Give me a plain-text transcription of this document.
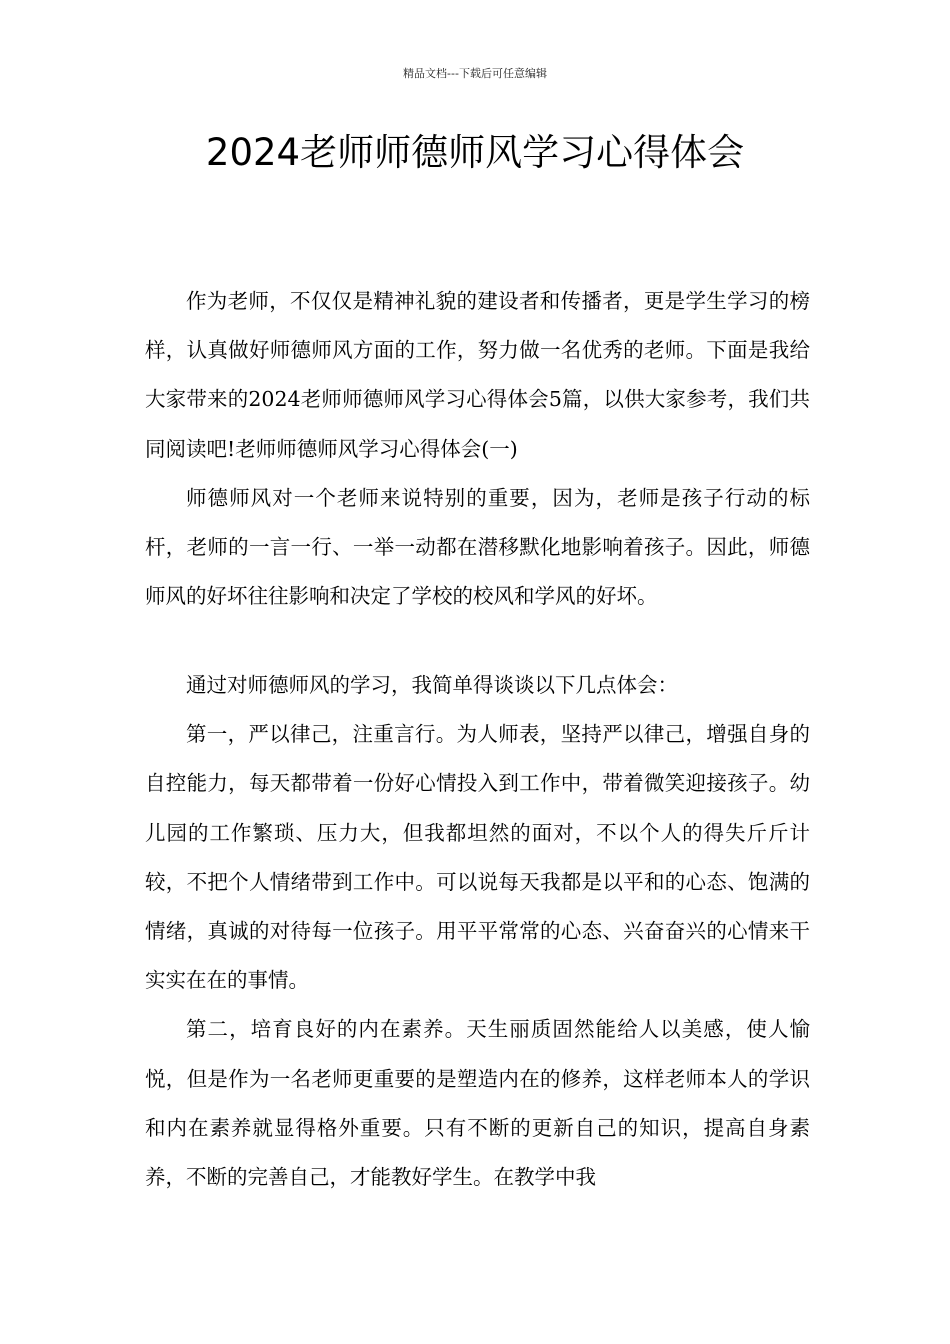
精品文档---下载后可任意编辑
2024老师师德师风学习心得体会

作为老师，不仅仅是精神礼貌的建设者和传播者，更是学生学习的榜样，认真做好师德师风方面的工作，努力做一名优秀的老师。下面是我给大家带来的2024老师师德师风学习心得体会5篇，以供大家参考，我们共同阅读吧!老师师德师风学习心得体会(一)

师德师风对一个老师来说特别的重要，因为，老师是孩子行动的标杆，老师的一言一行、一举一动都在潜移默化地影响着孩子。因此，师德师风的好坏往往影响和决定了学校的校风和学风的好坏。

通过对师德师风的学习，我简单得谈谈以下几点体会：

第一，严以律己，注重言行。为人师表，坚持严以律己，增强自身的自控能力，每天都带着一份好心情投入到工作中，带着微笑迎接孩子。幼儿园的工作繁琐、压力大，但我都坦然的面对，不以个人的得失斤斤计较，不把个人情绪带到工作中。可以说每天我都是以平和的心态、饱满的情绪，真诚的对待每一位孩子。用平平常常的心态、兴奋奋兴的心情来干实实在在的事情。

第二，培育良好的内在素养。天生丽质固然能给人以美感，使人愉悦，但是作为一名老师更重要的是塑造内在的修养，这样老师本人的学识和内在素养就显得格外重要。只有不断的更新自己的知识，提高自身素养，不断的完善自己，才能教好学生。在教学中我
